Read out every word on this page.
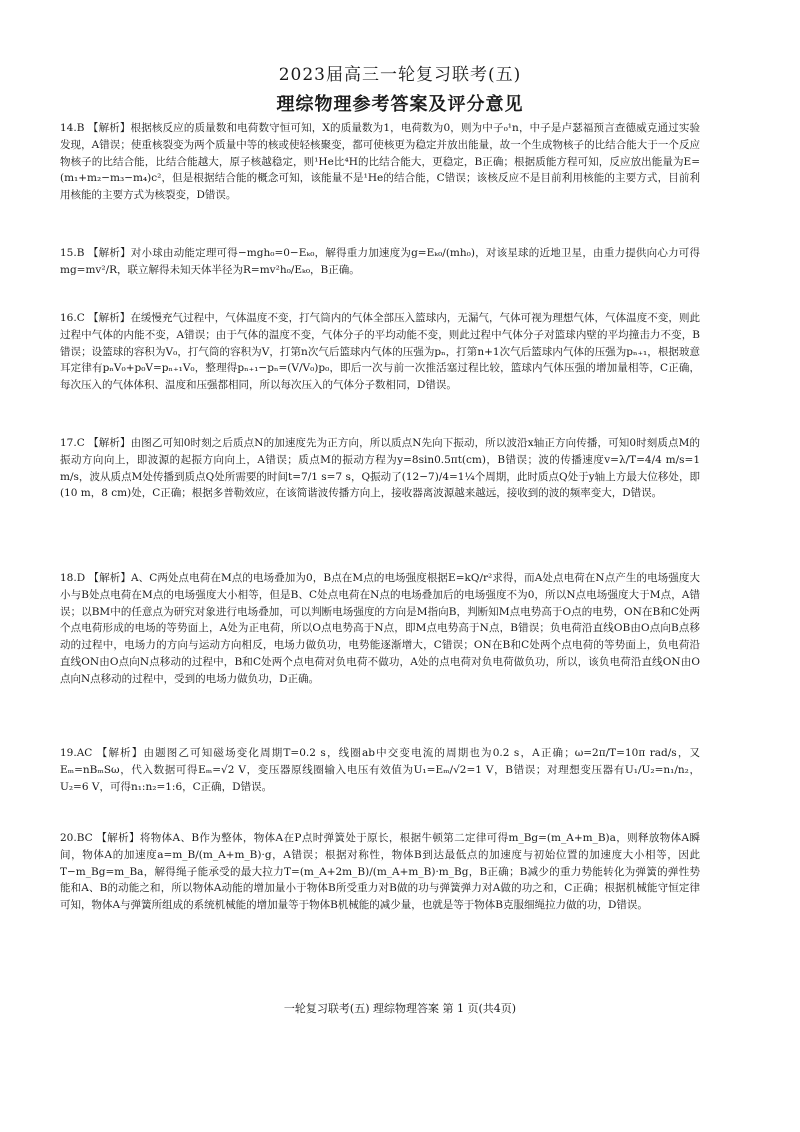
2023届高三一轮复习联考(五)
理综物理参考答案及评分意见

14.B 【解析】根据核反应的质量数和电荷数守恒可知，X的质量数为1，电荷数为0，则为中子₀¹n，中子是卢瑟福预言查德威克通过实验发现，A错误；使重核裂变为两个质量中等的核或使轻核聚变，都可使核更为稳定并放出能量，故一个生成物核子的比结合能大于一个反应物核子的比结合能，比结合能越大，原子核越稳定，则¹He比⁴H的比结合能大，更稳定，B正确；根据质能方程可知，反应放出能量为E=(m₁+m₂−m₃−m₄)c²，但是根据结合能的概念可知，该能量不是¹He的结合能，C错误；该核反应不是目前利用核能的主要方式，目前利用核能的主要方式为核裂变，D错误。

15.B 【解析】对小球由动能定理可得−mgh₀=0−Eₖ₀，解得重力加速度为g=Eₖ₀/(mh₀)，对该星球的近地卫星，由重力提供向心力可得mg=mv²/R，联立解得未知天体半径为R=mv²h₀/Eₖ₀，B正确。

16.C 【解析】在缓慢充气过程中，气体温度不变，打气筒内的气体全部压入篮球内，无漏气，气体可视为理想气体，气体温度不变，则此过程中气体的内能不变，A错误；由于气体的温度不变，气体分子的平均动能不变，则此过程中气体分子对篮球内壁的平均撞击力不变，B错误；设篮球的容积为V₀，打气筒的容积为V，打第n次气后篮球内气体的压强为pₙ，打第n+1次气后篮球内气体的压强为pₙ₊₁，根据玻意耳定律有pₙV₀+p₀V=pₙ₊₁V₀，整理得pₙ₊₁−pₙ=(V/V₀)p₀，即后一次与前一次推活塞过程比较，篮球内气体压强的增加量相等，C正确，每次压入的气体体积、温度和压强都相同，所以每次压入的气体分子数相同，D错误。

17.C 【解析】由图乙可知0时刻之后质点N的加速度先为正方向，所以质点N先向下振动，所以波沿x轴正方向传播，可知0时刻质点M的振动方向向上，即波源的起振方向向上，A错误；质点M的振动方程为y=8sin0.5πt(cm)，B错误；波的传播速度v=λ/T=4/4 m/s=1 m/s，波从质点M处传播到质点Q处所需要的时间t=7/1 s=7 s，Q振动了(12−7)/4=1¼个周期，此时质点Q处于y轴上方最大位移处，即(10 m，8 cm)处，C正确；根据多普勒效应，在该简谐波传播方向上，接收器离波源越来越远，接收到的波的频率变大，D错误。

18.D 【解析】A、C两处点电荷在M点的电场叠加为0，B点在M点的电场强度根据E=kQ/r²求得，而A处点电荷在N点产生的电场强度大小与B处点电荷在M点的电场强度大小相等，但是B、C处点电荷在N点的电场叠加后的电场强度不为0，所以N点电场强度大于M点，A错误；以BM中的任意点为研究对象进行电场叠加，可以判断电场强度的方向是M指向B，判断知M点电势高于O点的电势，ON在B和C处两个点电荷形成的电场的等势面上，A处为正电荷，所以O点电势高于N点，即M点电势高于N点，B错误；负电荷沿直线OB由O点向B点移动的过程中，电场力的方向与运动方向相反，电场力做负功，电势能逐渐增大，C错误；ON在B和C处两个点电荷的等势面上，负电荷沿直线ON由O点向N点移动的过程中，B和C处两个点电荷对负电荷不做功，A处的点电荷对负电荷做负功，所以，该负电荷沿直线ON由O点向N点移动的过程中，受到的电场力做负功，D正确。

19.AC 【解析】由题图乙可知磁场变化周期T=0.2 s，线圈ab中交变电流的周期也为0.2 s，A正确；ω=2π/T=10π rad/s，又Eₘ=nBₘSω，代入数据可得Eₘ=√2 V，变压器原线圈输入电压有效值为U₁=Eₘ/√2=1 V，B错误；对理想变压器有U₁/U₂=n₁/n₂，U₂=6 V，可得n₁:n₂=1:6，C正确，D错误。

20.BC 【解析】将物体A、B作为整体，物体A在P点时弹簧处于原长，根据牛顿第二定律可得m_Bg=(m_A+m_B)a，则释放物体A瞬间，物体A的加速度a=m_B/(m_A+m_B)·g，A错误；根据对称性，物体B到达最低点的加速度与初始位置的加速度大小相等，因此T−m_Bg=m_Ba，解得绳子能承受的最大拉力T=(m_A+2m_B)/(m_A+m_B)·m_Bg，B正确；B减少的重力势能转化为弹簧的弹性势能和A、B的动能之和，所以物体A动能的增加量小于物体B所受重力对B做的功与弹簧弹力对A做的功之和，C正确；根据机械能守恒定律可知，物体A与弹簧所组成的系统机械能的增加量等于物体B机械能的减少量，也就是等于物体B克服细绳拉力做的功，D错误。

一轮复习联考(五) 理综物理答案 第 1 页(共4页)
